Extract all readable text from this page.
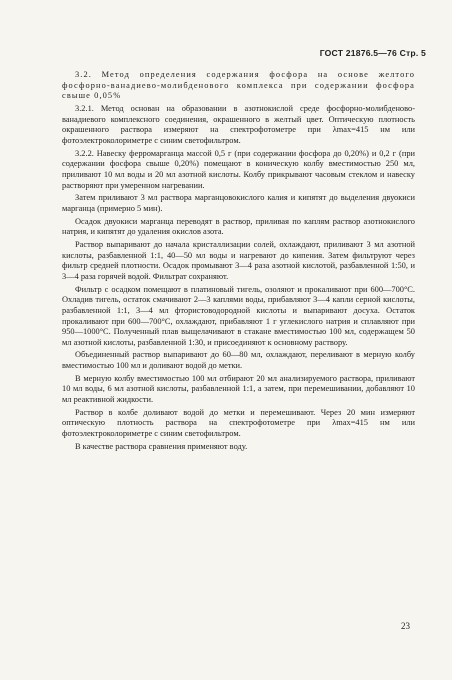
ГОСТ 21876.5—76 Стр. 5

3.2. Метод определения содержания фосфора на основе желтого фосфорно-ванадиево-молибденового комплекса при содержании фосфора свыше 0,05%

3.2.1. Метод основан на образовании в азотнокислой среде фосфорно-молибденово-ванадиевого комплексного соединения, окрашенного в желтый цвет. Оптическую плотность окрашенного раствора измеряют на спектрофотометре при λmax=415 нм или фотоэлектроколориметре с синим светофильтром.

3.2.2. Навеску ферромарганца массой 0,5 г (при содержании фосфора до 0,20%) и 0,2 г (при содержании фосфора свыше 0,20%) помещают в коническую колбу вместимостью 250 мл, приливают 10 мл воды и 20 мл азотной кислоты. Колбу прикрывают часовым стеклом и навеску растворяют при умеренном нагревании.

Затем приливают 3 мл раствора марганцовокислого калия и кипятят до выделения двуокиси марганца (примерно 5 мин).

Осадок двуокиси марганца переводят в раствор, приливая по каплям раствор азотнокислого натрия, и кипятят до удаления окислов азота.

Раствор выпаривают до начала кристаллизации солей, охлаждают, приливают 3 мл азотной кислоты, разбавленной 1:1, 40—50 мл воды и нагревают до кипения. Затем фильтруют через фильтр средней плотности. Осадок промывают 3—4 раза азотной кислотой, разбавленной 1:50, и 3—4 раза горячей водой. Фильтрат сохраняют.

Фильтр с осадком помещают в платиновый тигель, озоляют и прокаливают при 600—700°С. Охладив тигель, остаток смачивают 2—3 каплями воды, прибавляют 3—4 капли серной кислоты, разбавленной 1:1, 3—4 мл фтористоводородной кислоты и выпаривают досуха. Остаток прокаливают при 600—700°С, охлаждают, прибавляют 1 г углекислого натрия и сплавляют при 950—1000°С. Полученный плав выщелачивают в стакане вместимостью 100 мл, содержащем 50 мл азотной кислоты, разбавленной 1:30, и присоединяют к основному раствору.

Объединенный раствор выпаривают до 60—80 мл, охлаждают, переливают в мерную колбу вместимостью 100 мл и доливают водой до метки.

В мерную колбу вместимостью 100 мл отбирают 20 мл анализируемого раствора, приливают 10 мл воды, 6 мл азотной кислоты, разбавленной 1:1, а затем, при перемешивании, добавляют 10 мл реактивной жидкости.

Раствор в колбе доливают водой до метки и перемешивают. Через 20 мин измеряют оптическую плотность раствора на спектрофотометре при λmax=415 нм или фотоэлектроколориметре с синим светофильтром.

В качестве раствора сравнения применяют воду.

23
